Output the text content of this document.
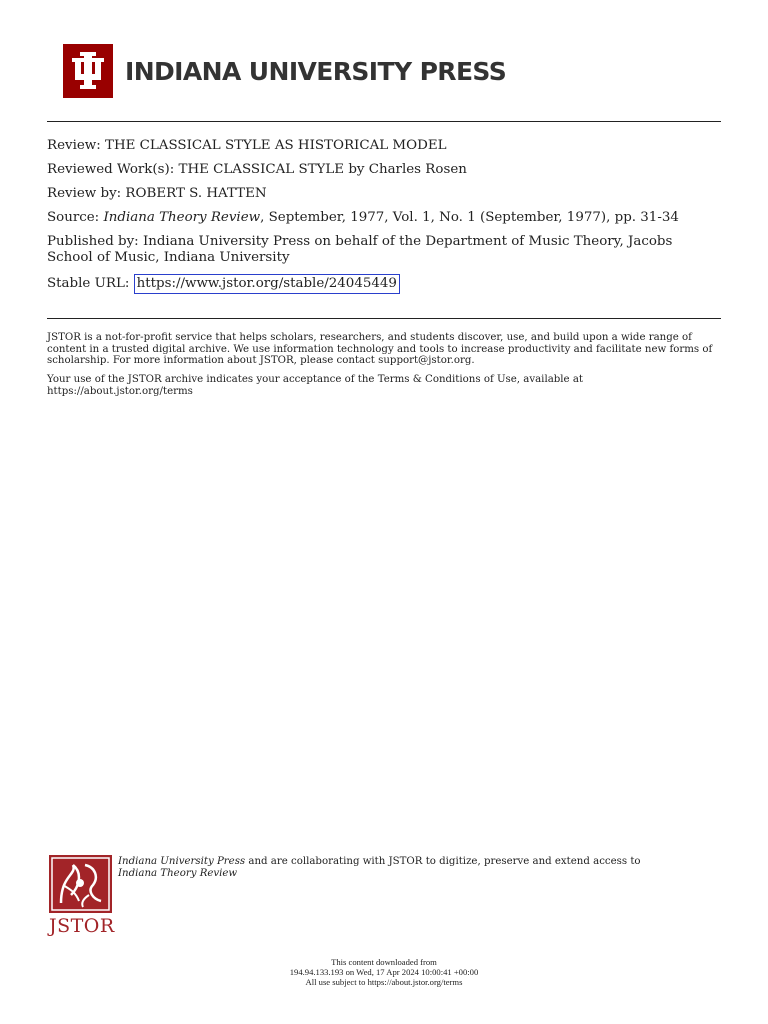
INDIANA UNIVERSITY PRESS

Review: THE CLASSICAL STYLE AS HISTORICAL MODEL

Reviewed Work(s): THE CLASSICAL STYLE by Charles Rosen

Review by: ROBERT S. HATTEN

Source: Indiana Theory Review, September, 1977, Vol. 1, No. 1 (September, 1977), pp. 31-34

Published by: Indiana University Press on behalf of the Department of Music Theory, Jacobs School of Music, Indiana University

Stable URL: https://www.jstor.org/stable/24045449

JSTOR is a not-for-profit service that helps scholars, researchers, and students discover, use, and build upon a wide range of content in a trusted digital archive. We use information technology and tools to increase productivity and facilitate new forms of scholarship. For more information about JSTOR, please contact support@jstor.org.

Your use of the JSTOR archive indicates your acceptance of the Terms & Conditions of Use, available at https://about.jstor.org/terms

JSTOR

Indiana University Press and are collaborating with JSTOR to digitize, preserve and extend access to Indiana Theory Review

This content downloaded from

194.94.133.193 on Wed, 17 Apr 2024 10:00:41 +00:00

All use subject to https://about.jstor.org/terms
